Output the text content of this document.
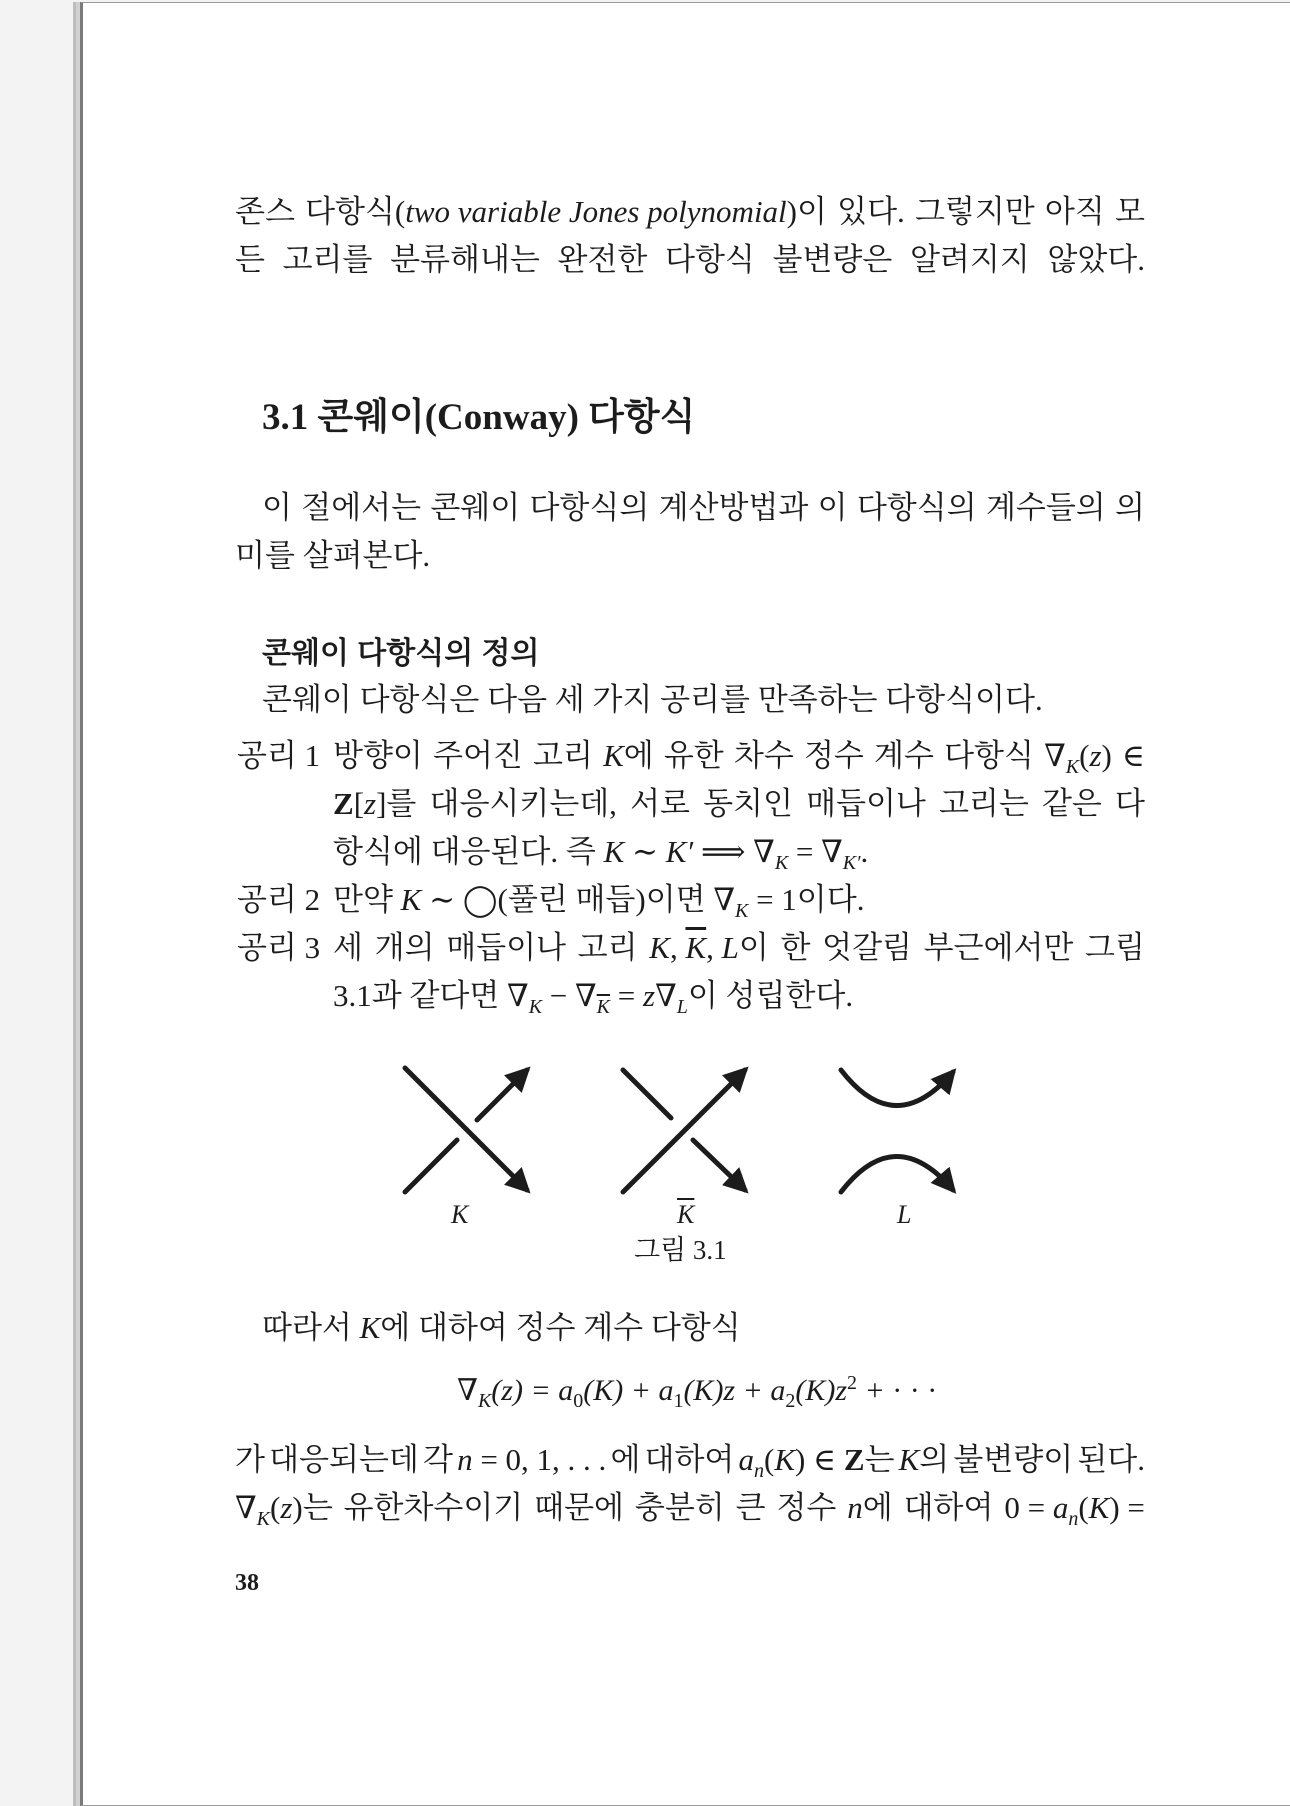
존스 다항식(two variable Jones polynomial)이 있다. 그렇지만 아직 모
든 고리를 분류해내는 완전한 다항식 불변량은 알려지지 않았다.
3.1 콘웨이(Conway) 다항식
이 절에서는 콘웨이 다항식의 계산방법과 이 다항식의 계수들의 의
미를 살펴본다.
콘웨이 다항식의 정의
콘웨이 다항식은 다음 세 가지 공리를 만족하는 다항식이다.
공리 1 방향이 주어진 고리 K에 유한 차수 정수 계수 다항식 $\nabla_K(z)$ ∈
Z[z]를 대응시키는데, 서로 동치인 매듭이나 고리는 같은 다
항식에 대응된다. 즉 K ∼ K′ ⟹ $\nabla_K = \nabla_{K'}$.
공리 2 만약 K ∼ ◯(풀린 매듭)이면 $\nabla_K = 1$이다.
공리 3 세 개의 매듭이나 고리 K, $\overline{K}$, L이 한 엇갈림 부근에서만 그림
3.1과 같다면 $\nabla_K - \nabla_{\overline{K}} = z\nabla_L$이 성립한다.
K	$\overline{K}$	L
그림 3.1
따라서 K에 대하여 정수 계수 다항식
$\nabla_K(z) = a_0(K) + a_1(K)z + a_2(K)z^2$ + · · ·
가 대응되는데 각 n = 0, 1, . . . 에 대하여 $a_n(K)$ ∈ Z는 K의 불변량이 된다.
$\nabla_K(z)$는 유한차수이기 때문에 충분히 큰 정수 n에 대하여 $0 = a_n(K)$ =
38
